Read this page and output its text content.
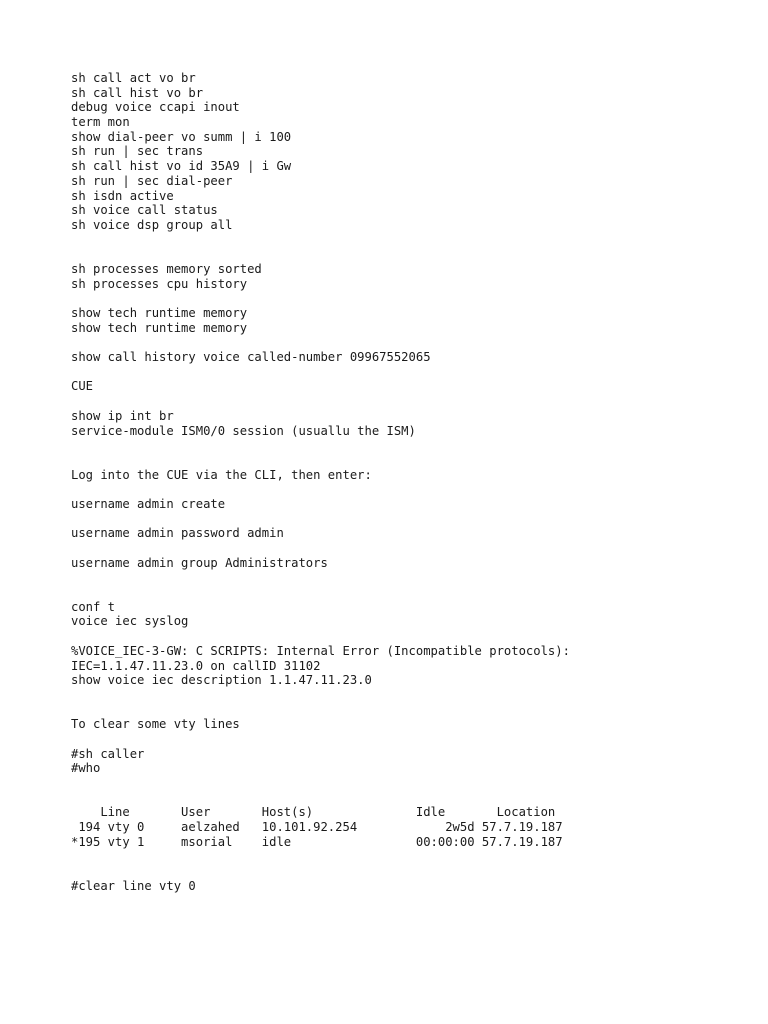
sh call act vo br
sh call hist vo br
debug voice ccapi inout
term mon
show dial-peer vo summ | i 100
sh run | sec trans
sh call hist vo id 35A9 | i Gw
sh run | sec dial-peer
sh isdn active
sh voice call status
sh voice dsp group all
sh processes memory sorted
sh processes cpu history
show tech runtime memory
show tech runtime memory
show call history voice called-number 09967552065
CUE
show ip int br
service-module ISM0/0 session (usuallu the ISM)
Log into the CUE via the CLI, then enter:
username admin create
username admin password admin
username admin group Administrators
conf t
voice iec syslog
%VOICE_IEC-3-GW: C SCRIPTS: Internal Error (Incompatible protocols):
IEC=1.1.47.11.23.0 on callID 31102
show voice iec description 1.1.47.11.23.0
To clear some vty lines
#sh caller
#who
Line       User       Host(s)              Idle       Location
194 vty 0     aelzahed   10.101.92.254            2w5d 57.7.19.187
*195 vty 1     msorial    idle                 00:00:00 57.7.19.187
#clear line vty 0
